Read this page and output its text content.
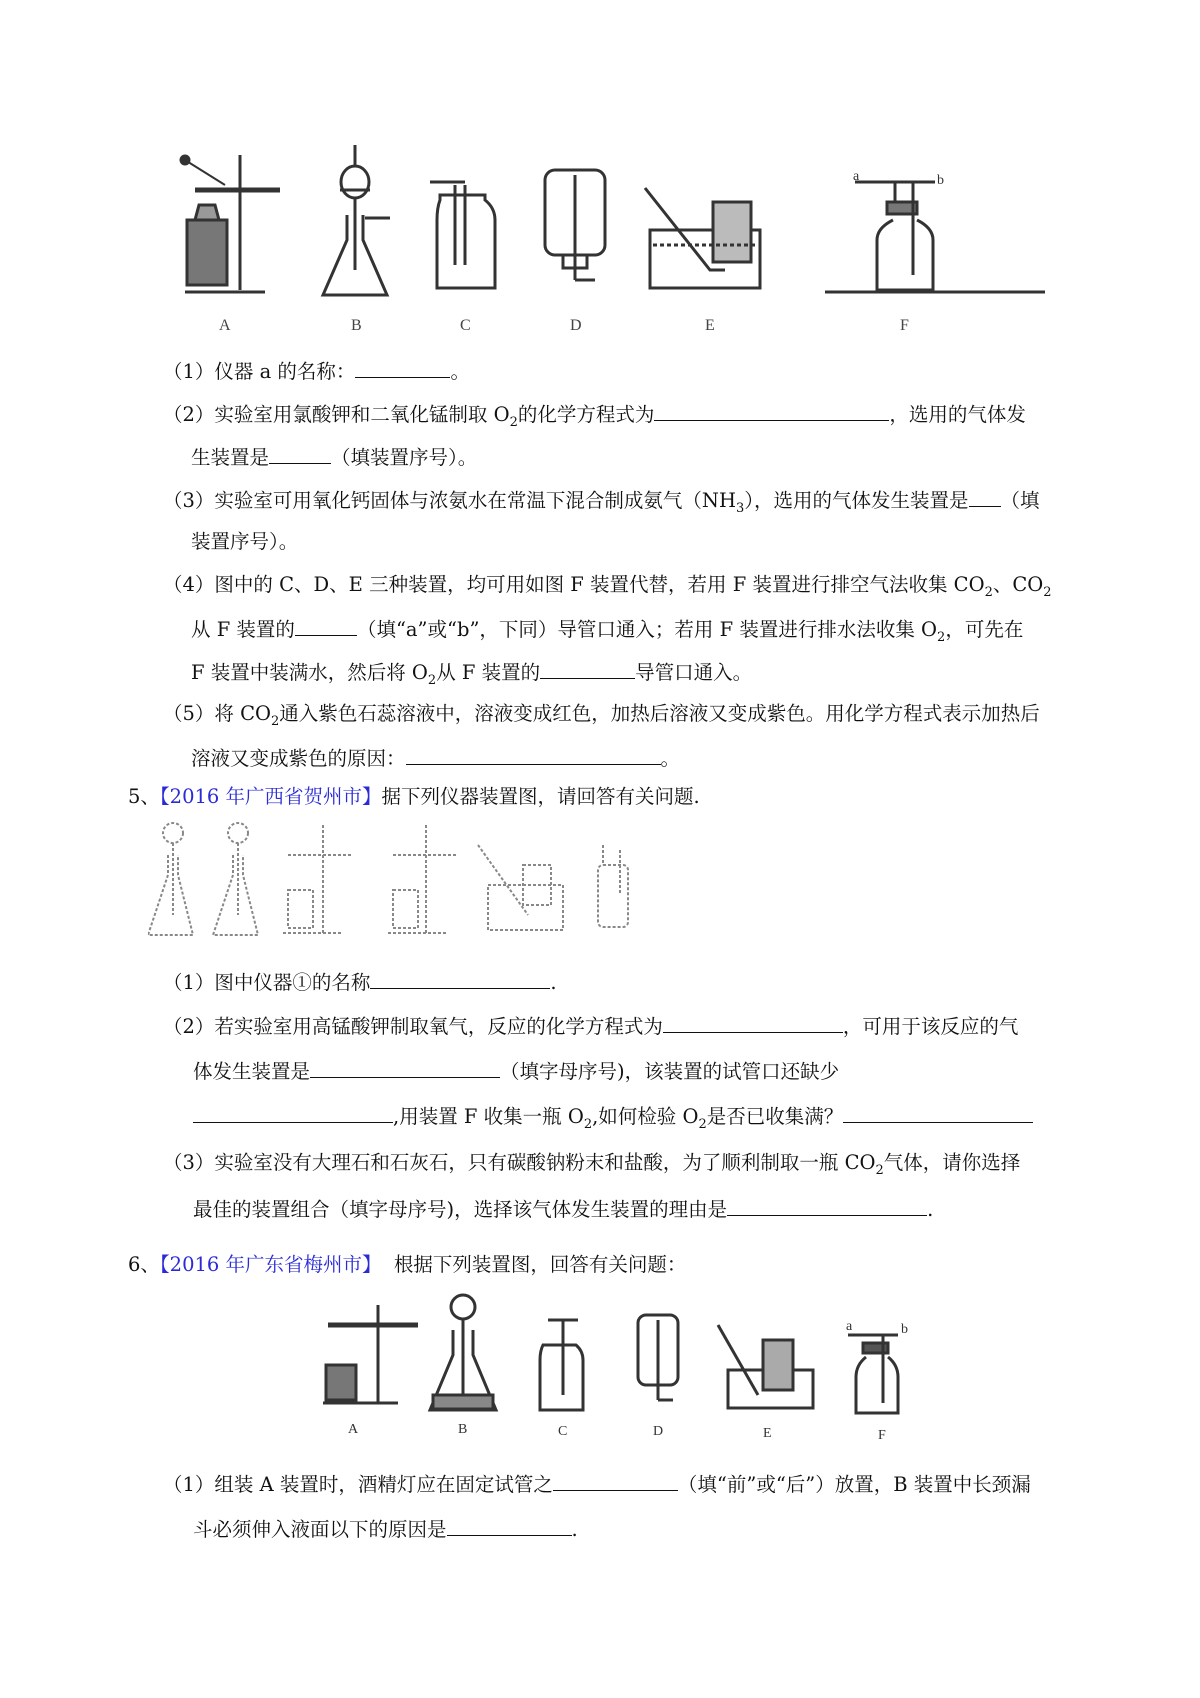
a	b
A	B	C	D	E	F
（1）仪器 a 的名称：	。
（2）实验室用氯酸钾和二氧化锰制取 $O_2$的化学方程式为	，选用的气体发
生装置是	（填装置序号）。
（3）实验室可用氧化钙固体与浓氨水在常温下混合制成氨气$(NH_3)$，选用的气体发生装置是 （填
装置序号）。
（4）图中的 C、D、E 三种装置，均可用如图 F 装置代替，若用 F 装置进行排空气法收集 $CO_2$、$CO_2$
从 F 装置的	（填“a”或“b”，下同）导管口通入；若用 F 装置进行排水法收集 $O_2$，可先在
F 装置中装满水，然后将 $O_2$从 F 装置的	导管口通入。
（5）将 $CO_2$通入紫色石蕊溶液中，溶液变成红色，加热后溶液又变成紫色。用化学方程式表示加热后
溶液又变成紫色的原因：	。
5、【2016 年广西省贺州市】据下列仪器装置图，请回答有关问题.
（1）图中仪器①的名称	.
（2）若实验室用高锰酸钾制取氧气，反应的化学方程式为	，可用于该反应的气
体发生装置是	（填字母序号)，该装置的试管口还缺少
,用装置 F 收集一瓶 $O_2$,如何检验 $O_2$是否已收集满？
（3）实验室没有大理石和石灰石，只有碳酸钠粉末和盐酸，为了顺利制取一瓶 $CO_2$气体，请你选择
最佳的装置组合（填字母序号)，选择该气体发生装置的理由是	.
6、【2016 年广东省梅州市】 根据下列装置图，回答有关问题：
a	b
A	B	C	D	E	F
（1）组装 A 装置时，酒精灯应在固定试管之	（填“前”或“后”）放置，B 装置中长颈漏
斗必须伸入液面以下的原因是	.
